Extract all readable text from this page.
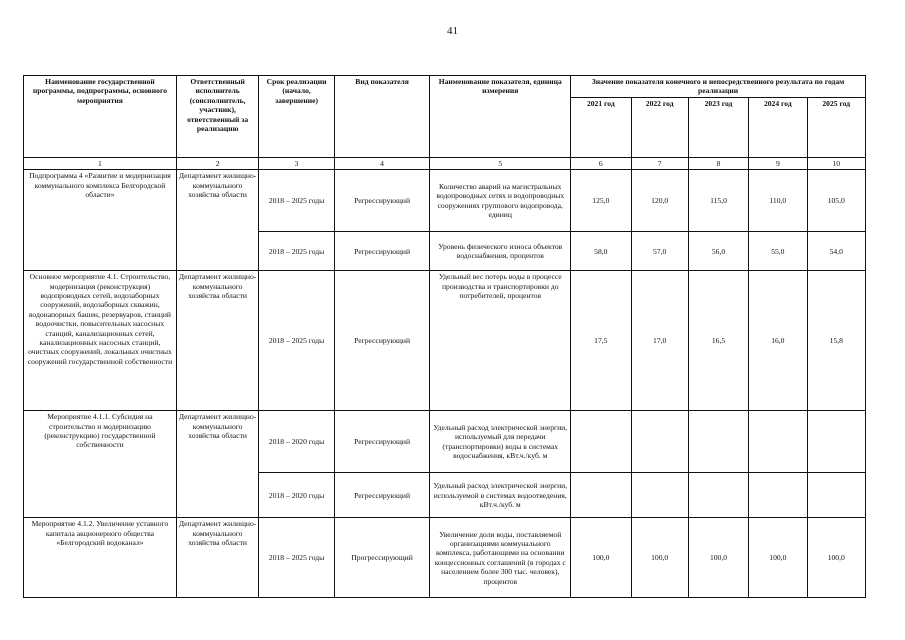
41
Наименование государственной программы, подпрограммы, основного мероприятия	Ответственный исполнитель (соисполнитель, участник), ответственный за реализацию	Срок реализации (начало, завершение)	Вид показателя	Наименование показателя, единица измерения	Значение показателя конечного и непосредственного результата по годам реализации				
					2021 год	2022 год	2023 год	2024 год	2025 год
1	2	3	4	5	6	7	8	9	10
Подпрограмма 4 «Развитие и модернизация коммунального комплекса Белгородской области»	Департамент жилищно-коммунального хозяйства области	2018 – 2025 годы	Регрессирующий	Количество аварий на магистральных водопроводных сетях и водопроводных сооружениях группового водопровода, единиц	125,0	120,0	115,0	110,0	105,0
		2018 – 2025 годы	Регрессирующий	Уровень физического износа объектов водоснабжения, процентов	58,0	57,0	56,0	55,0	54,0
Основное мероприятие 4.1. Строительство, модернизация (реконструкция) водопроводных сетей, водозаборных сооружений, водозаборных скважин, водонапорных башен, резервуаров, станций водоочистки, повысительных насосных станций, канализационных сетей, канализационных насосных станций, очистных сооружений, локальных очистных сооружений государственной собственности	Департамент жилищно-коммунального хозяйства области	2018 – 2025 годы	Регрессирующий	Удельный вес потерь воды в процессе производства и транспортировки до потребителей, процентов	17,5	17,0	16,5	16,0	15,8
Мероприятие 4.1.1. Субсидия на строительство и модернизацию (реконструкцию) государственной собственности	Департамент жилищно-коммунального хозяйства области	2018 – 2020 годы	Регрессирующий	Удельный расход электрической энергии, используемый для передачи (транспортировки) воды в системах водоснабжения, кВт.ч./куб. м					
		2018 – 2020 годы	Регрессирующий	Удельный расход электрической энергии, используемой в системах водоотведения, кВт.ч./куб. м					
Мероприятие 4.1.2. Увеличение уставного капитала акционерного общества «Белгородский водоканал»	Департамент жилищно-коммунального хозяйства области	2018 – 2025 годы	Прогрессирующий	Увеличение доли воды, поставляемой организациями коммунального комплекса, работающими на основании концессионных соглашений (в городах с населением более 300 тыс. человек), процентов	100,0	100,0	100,0	100,0	100,0
